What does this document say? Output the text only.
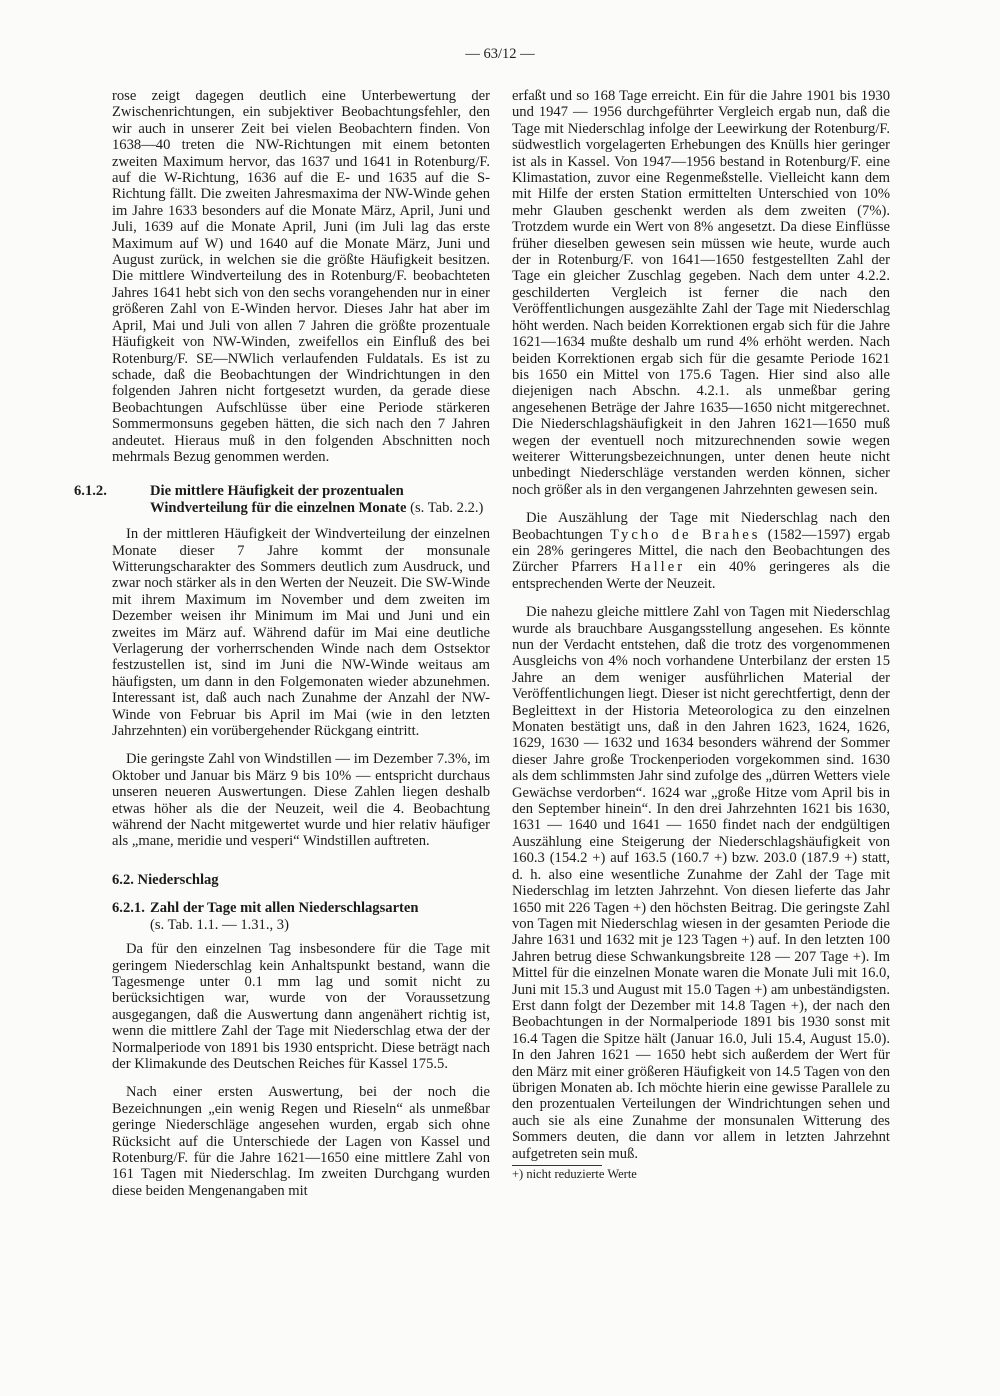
— 63/12 —

rose zeigt dagegen deutlich eine Unterbewertung der Zwischenrichtungen, ein subjektiver Beobachtungsfehler, den wir auch in unserer Zeit bei vielen Beobachtern finden. Von 1638—40 treten die NW-Richtungen mit einem betonten zweiten Maximum hervor, das 1637 und 1641 in Rotenburg/F. auf die W-Richtung, 1636 auf die E- und 1635 auf die S-Richtung fällt. Die zweiten Jahresmaxima der NW-Winde gehen im Jahre 1633 besonders auf die Monate März, April, Juni und Juli, 1639 auf die Monate April, Juni (im Juli lag das erste Maximum auf W) und 1640 auf die Monate März, Juni und August zurück, in welchen sie die größte Häufigkeit besitzen. Die mittlere Windverteilung des in Rotenburg/F. beobachteten Jahres 1641 hebt sich von den sechs vorangehenden nur in einer größeren Zahl von E-Winden hervor. Dieses Jahr hat aber im April, Mai und Juli von allen 7 Jahren die größte prozentuale Häufigkeit von NW-Winden, zweifellos ein Einfluß des bei Rotenburg/F. SE—NWlich verlaufenden Fuldatals. Es ist zu schade, daß die Beobachtungen der Windrichtungen in den folgenden Jahren nicht fortgesetzt wurden, da gerade diese Beobachtungen Aufschlüsse über eine Periode stärkeren Sommermonsuns gegeben hätten, die sich nach den 7 Jahren andeutet. Hieraus muß in den folgenden Abschnitten noch mehrmals Bezug genommen werden.

6.1.2.	Die mittlere Häufigkeit der prozentualen Windverteilung für die einzelnen Monate (s. Tab. 2.2.)

In der mittleren Häufigkeit der Windverteilung der einzelnen Monate dieser 7 Jahre kommt der monsunale Witterungscharakter des Sommers deutlich zum Ausdruck, und zwar noch stärker als in den Werten der Neuzeit. Die SW-Winde mit ihrem Maximum im November und dem zweiten im Dezember weisen ihr Minimum im Mai und Juni und ein zweites im März auf. Während dafür im Mai eine deutliche Verlagerung der vorherrschenden Winde nach dem Ostsektor festzustellen ist, sind im Juni die NW-Winde weitaus am häufigsten, um dann in den Folgemonaten wieder abzunehmen. Interessant ist, daß auch nach Zunahme der Anzahl der NW-Winde von Februar bis April im Mai (wie in den letzten Jahrzehnten) ein vorübergehender Rückgang eintritt.

Die geringste Zahl von Windstillen — im Dezember 7.3%, im Oktober und Januar bis März 9 bis 10% — entspricht durchaus unseren neueren Auswertungen. Diese Zahlen liegen deshalb etwas höher als die der Neuzeit, weil die 4. Beobachtung während der Nacht mitgewertet wurde und hier relativ häufiger als „mane, meridie und vesperi“ Windstillen auftreten.

6.2. Niederschlag
6.2.1. Zahl der Tage mit allen Niederschlagsarten
(s. Tab. 1.1. — 1.31., 3)

Da für den einzelnen Tag insbesondere für die Tage mit geringem Niederschlag kein Anhaltspunkt bestand, wann die Tagesmenge unter 0.1 mm lag und somit nicht zu berücksichtigen war, wurde von der Voraussetzung ausgegangen, daß die Auswertung dann angenähert richtig ist, wenn die mittlere Zahl der Tage mit Niederschlag etwa der der Normalperiode von 1891 bis 1930 entspricht. Diese beträgt nach der Klimakunde des Deutschen Reiches für Kassel 175.5.

Nach einer ersten Auswertung, bei der noch die Bezeichnungen „ein wenig Regen und Rieseln“ als unmeßbar geringe Niederschläge angesehen wurden, ergab sich ohne Rücksicht auf die Unterschiede der Lagen von Kassel und Rotenburg/F. für die Jahre 1621—1650 eine mittlere Zahl von 161 Tagen mit Niederschlag. Im zweiten Durchgang wurden diese beiden Mengenangaben mit

erfaßt und so 168 Tage erreicht. Ein für die Jahre 1901 bis 1930 und 1947 — 1956 durchgeführter Vergleich ergab nun, daß die Tage mit Niederschlag infolge der Leewirkung der Rotenburg/F. südwestlich vorgelagerten Erhebungen des Knülls hier geringer ist als in Kassel. Von 1947—1956 bestand in Rotenburg/F. eine Klimastation, zuvor eine Regenmeßstelle. Vielleicht kann dem mit Hilfe der ersten Station ermittelten Unterschied von 10% mehr Glauben geschenkt werden als dem zweiten (7%). Trotzdem wurde ein Wert von 8% angesetzt. Da diese Einflüsse früher dieselben gewesen sein müssen wie heute, wurde auch der in Rotenburg/F. von 1641—1650 festgestellten Zahl der Tage ein gleicher Zuschlag gegeben. Nach dem unter 4.2.2. geschilderten Vergleich ist ferner die nach den Veröffentlichungen ausgezählte Zahl der Tage mit Niederschlag höht werden. Nach beiden Korrektionen ergab sich für die Jahre 1621—1634 mußte deshalb um rund 4% erhöht werden. Nach beiden Korrektionen ergab sich für die gesamte Periode 1621 bis 1650 ein Mittel von 175.6 Tagen. Hier sind also alle diejenigen nach Abschn. 4.2.1. als unmeßbar gering angesehenen Beträge der Jahre 1635—1650 nicht mitgerechnet. Die Niederschlagshäufigkeit in den Jahren 1621—1650 muß wegen der eventuell noch mitzurechnenden sowie wegen weiterer Witterungsbezeichnungen, unter denen heute nicht unbedingt Niederschläge verstanden werden können, sicher noch größer als in den vergangenen Jahrzehnten gewesen sein.

Die Auszählung der Tage mit Niederschlag nach den Beobachtungen Tycho de Brahes (1582—1597) ergab ein 28% geringeres Mittel, die nach den Beobachtungen des Zürcher Pfarrers Haller ein 40% geringeres als die entsprechenden Werte der Neuzeit.

Die nahezu gleiche mittlere Zahl von Tagen mit Niederschlag wurde als brauchbare Ausgangsstellung angesehen. Es könnte nun der Verdacht entstehen, daß die trotz des vorgenommenen Ausgleichs von 4% noch vorhandene Unterbilanz der ersten 15 Jahre an dem weniger ausführlichen Material der Veröffentlichungen liegt. Dieser ist nicht gerechtfertigt, denn der Begleittext in der Historia Meteorologica zu den einzelnen Monaten bestätigt uns, daß in den Jahren 1623, 1624, 1626, 1629, 1630 — 1632 und 1634 besonders während der Sommer dieser Jahre große Trockenperioden vorgekommen sind. 1630 als dem schlimmsten Jahr sind zufolge des „dürren Wetters viele Gewächse verdorben“. 1624 war „große Hitze vom April bis in den September hinein“. In den drei Jahrzehnten 1621 bis 1630, 1631 — 1640 und 1641 — 1650 findet nach der endgültigen Auszählung eine Steigerung der Niederschlagshäufigkeit von 160.3 (154.2 +) auf 163.5 (160.7 +) bzw. 203.0 (187.9 +) statt, d. h. also eine wesentliche Zunahme der Zahl der Tage mit Niederschlag im letzten Jahrzehnt. Von diesen lieferte das Jahr 1650 mit 226 Tagen +) den höchsten Beitrag. Die geringste Zahl von Tagen mit Niederschlag wiesen in der gesamten Periode die Jahre 1631 und 1632 mit je 123 Tagen +) auf. In den letzten 100 Jahren betrug diese Schwankungsbreite 128 — 207 Tage +). Im Mittel für die einzelnen Monate waren die Monate Juli mit 16.0, Juni mit 15.3 und August mit 15.0 Tagen +) am unbeständigsten. Erst dann folgt der Dezember mit 14.8 Tagen +), der nach den Beobachtungen in der Normalperiode 1891 bis 1930 sonst mit 16.4 Tagen die Spitze hält (Januar 16.0, Juli 15.4, August 15.0). In den Jahren 1621 — 1650 hebt sich außerdem der Wert für den März mit einer größeren Häufigkeit von 14.5 Tagen von den übrigen Monaten ab. Ich möchte hierin eine gewisse Parallele zu den prozentualen Verteilungen der Windrichtungen sehen und auch sie als eine Zunahme der monsunalen Witterung des Sommers deuten, die dann vor allem in letzten Jahrzehnt aufgetreten sein muß.

+) nicht reduzierte Werte
